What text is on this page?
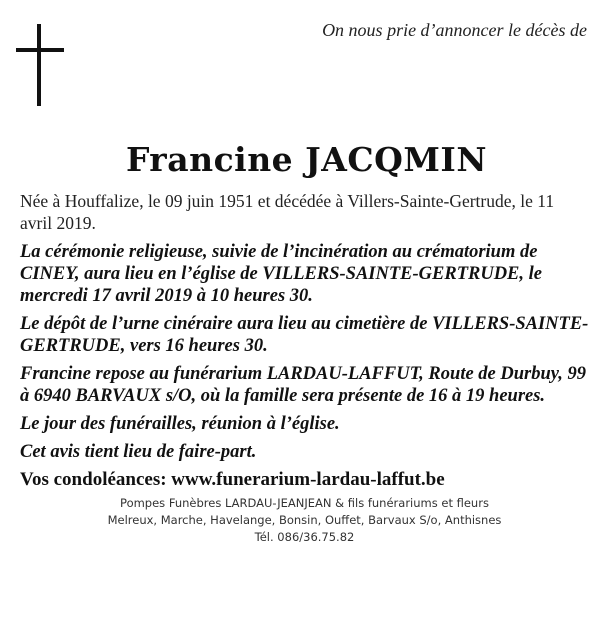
On nous prie d’annoncer le décès de
Francine JACQMIN

Née à Houffalize, le 09 juin 1951 et décédée à Villers-Sainte-Gertrude, le 11 avril 2019.

La cérémonie religieuse, suivie de l’incinération au crématorium de CINEY, aura lieu en l’église de VILLERS-SAINTE-GERTRUDE, le mercredi 17 avril 2019 à 10 heures 30.

Le dépôt de l’urne cinéraire aura lieu au cimetière de VILLERS-SAINTE-GERTRUDE, vers 16 heures 30.

Francine repose au funérarium LARDAU-LAFFUT, Route de Durbuy, 99 à 6940 BARVAUX s/O, où la famille sera présente de 16 à 19 heures.

Le jour des funérailles, réunion à l’église.

Cet avis tient lieu de faire-part.

Vos condoléances: www.funerarium-lardau-laffut.be

Pompes Funèbres LARDAU-JEANJEAN & fils funérariums et fleurs
Melreux, Marche, Havelange, Bonsin, Ouffet, Barvaux S/o, Anthisnes
Tél. 086/36.75.82
